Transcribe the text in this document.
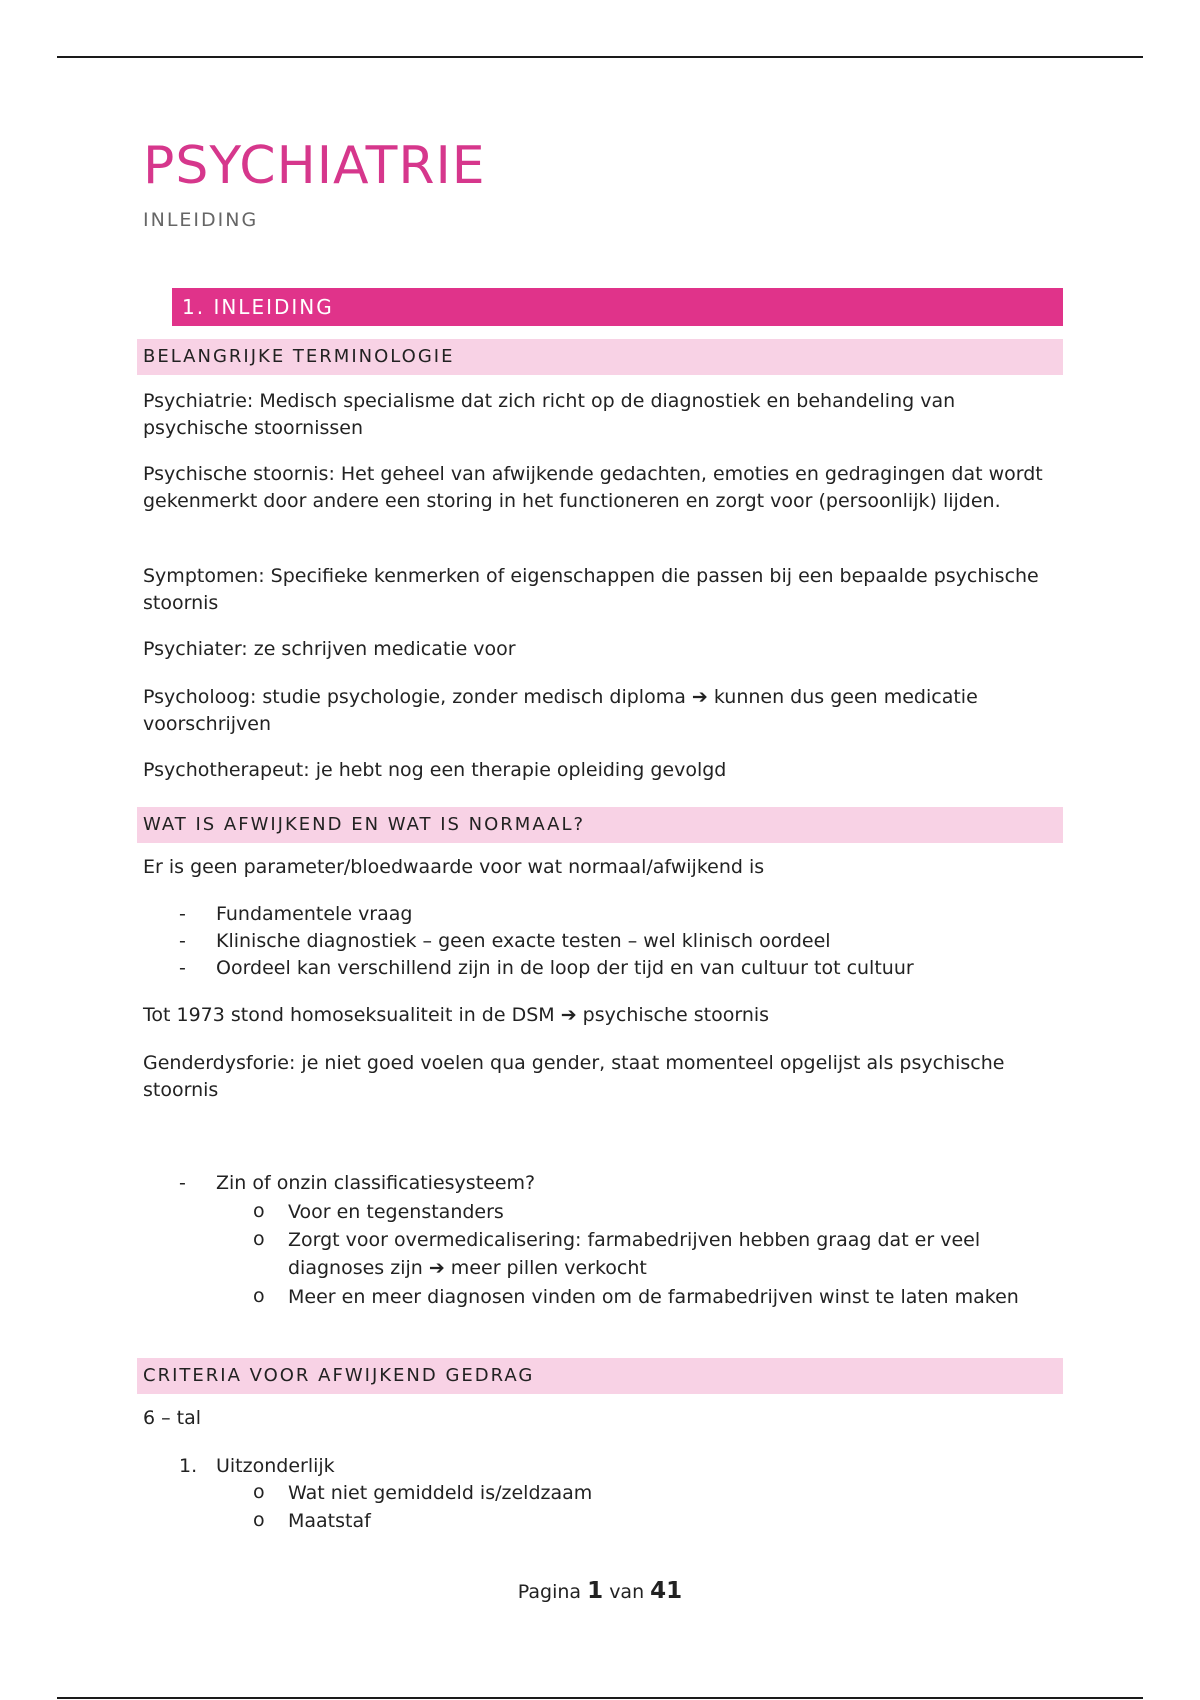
PSYCHIATRIE
INLEIDING
1. INLEIDING
BELANGRIJKE TERMINOLOGIE
Psychiatrie: Medisch specialisme dat zich richt op de diagnostiek en behandeling van psychische stoornissen
Psychische stoornis: Het geheel van afwijkende gedachten, emoties en gedragingen dat wordt gekenmerkt door andere een storing in het functioneren en zorgt voor (persoonlijk) lijden.
Symptomen: Specifieke kenmerken of eigenschappen die passen bij een bepaalde psychische stoornis
Psychiater: ze schrijven medicatie voor
Psycholoog: studie psychologie, zonder medisch diploma ➔ kunnen dus geen medicatie voorschrijven
Psychotherapeut: je hebt nog een therapie opleiding gevolgd
WAT IS AFWIJKEND EN WAT IS NORMAAL?
Er is geen parameter/bloedwaarde voor wat normaal/afwijkend is
- Fundamentele vraag
- Klinische diagnostiek – geen exacte testen – wel klinisch oordeel
- Oordeel kan verschillend zijn in de loop der tijd en van cultuur tot cultuur
Tot 1973 stond homoseksualiteit in de DSM ➔ psychische stoornis
Genderdysforie: je niet goed voelen qua gender, staat momenteel opgelijst als psychische stoornis
- Zin of onzin classificatiesysteem?
o Voor en tegenstanders
o Zorgt voor overmedicalisering: farmabedrijven hebben graag dat er veel diagnoses zijn ➔ meer pillen verkocht
o Meer en meer diagnosen vinden om de farmabedrijven winst te laten maken
CRITERIA VOOR AFWIJKEND GEDRAG
6 – tal
1. Uitzonderlijk
o Wat niet gemiddeld is/zeldzaam
o Maatstaf
Pagina 1 van 41
